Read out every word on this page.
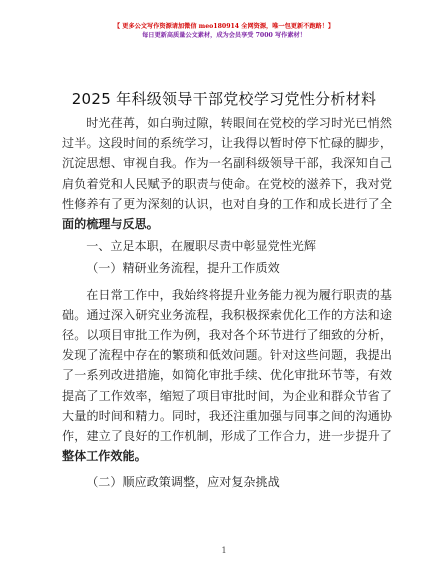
【 更多公文写作资源请加微信 meo180914 全网资源，唯一包更新不跑路！】
每日更新高质量公文素材，成为会员享受 7000 写作素材！
2025 年科级领导干部党校学习党性分析材料

时光荏苒，如白驹过隙，转眼间在党校的学习时光已悄然过半。这段时间的系统学习，让我得以暂时停下忙碌的脚步，沉淀思想、审视自我。作为一名副科级领导干部，我深知自己肩负着党和人民赋予的职责与使命。在党校的滋养下，我对党性修养有了更为深刻的认识，也对自身的工作和成长进行了全面的梳理与反思。

一、立足本职，在履职尽责中彰显党性光辉

（一）精研业务流程，提升工作质效

在日常工作中，我始终将提升业务能力视为履行职责的基础。通过深入研究业务流程，我积极探索优化工作的方法和途径。以项目审批工作为例，我对各个环节进行了细致的分析，发现了流程中存在的繁琐和低效问题。针对这些问题，我提出了一系列改进措施，如简化审批手续、优化审批环节等，有效提高了工作效率，缩短了项目审批时间，为企业和群众节省了大量的时间和精力。同时，我还注重加强与同事之间的沟通协作，建立了良好的工作机制，形成了工作合力，进一步提升了整体工作效能。

（二）顺应政策调整，应对复杂挑战

1
